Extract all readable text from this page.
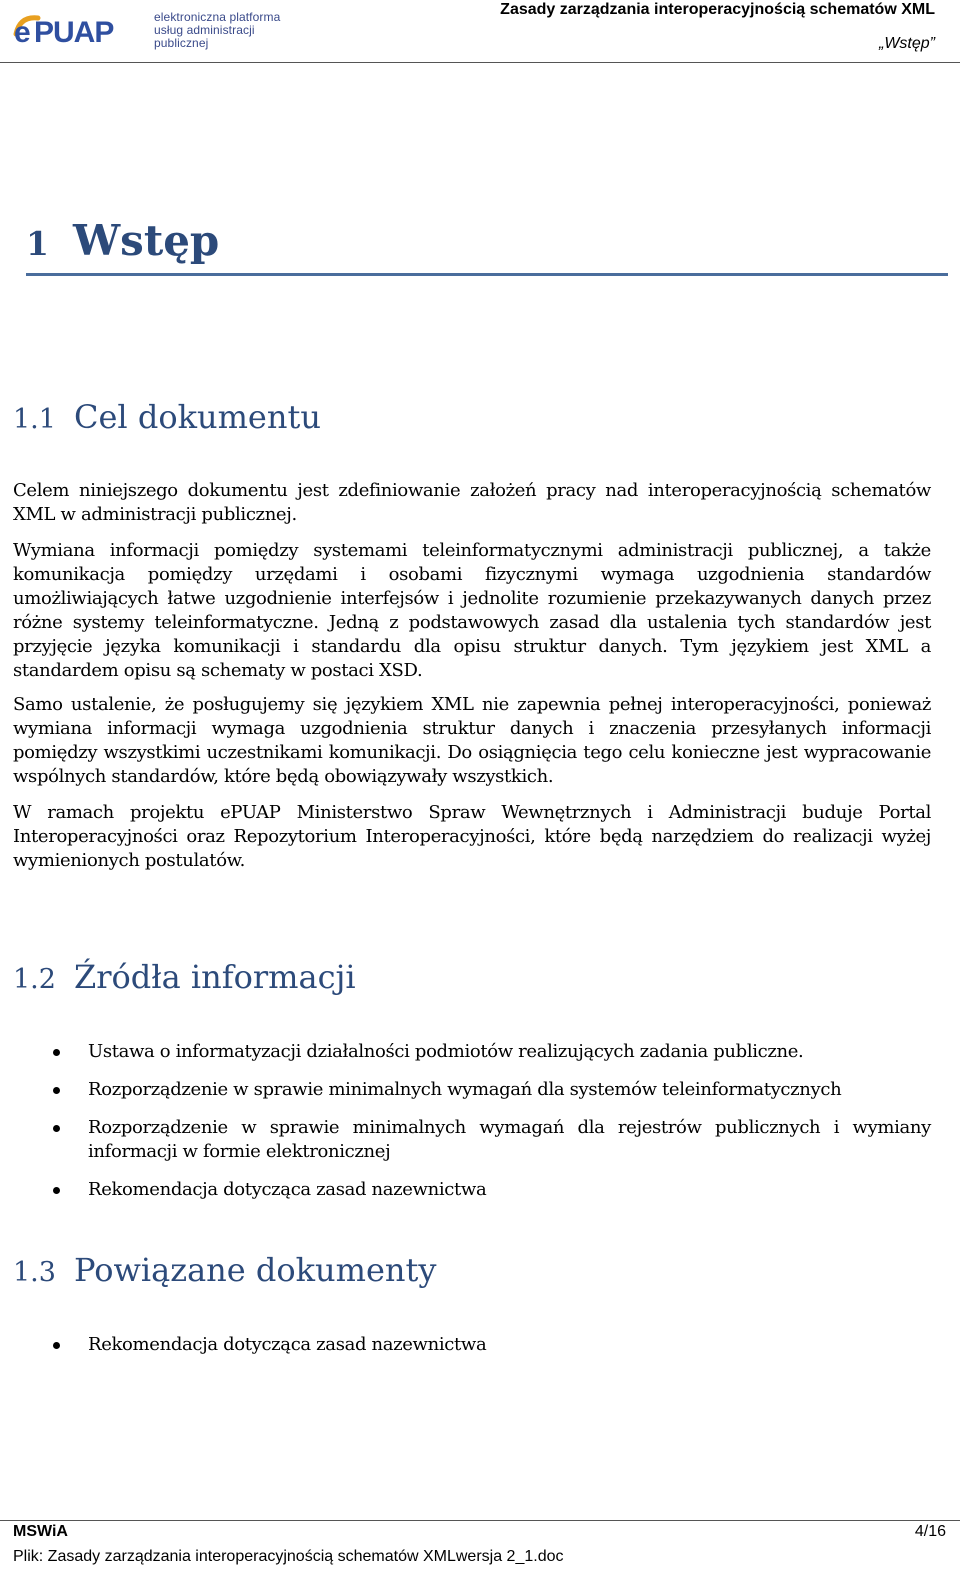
e PUAP	elektroniczna platforma
usług administracji publicznej
Zasady zarządzania interoperacyjnością schematów XML
„Wstęp”
1 Wstęp
1.1 Cel dokumentu
Celem niniejszego dokumentu jest zdefiniowanie założeń pracy nad interoperacyjnością schematów XML w administracji publicznej.
Wymiana informacji pomiędzy systemami teleinformatycznymi administracji publicznej, a także komunikacja pomiędzy urzędami i osobami fizycznymi wymaga uzgodnienia standardów umożliwiających łatwe uzgodnienie interfejsów i jednolite rozumienie przekazywanych danych przez różne systemy teleinformatyczne. Jedną z podstawowych zasad dla ustalenia tych standardów jest przyjęcie języka komunikacji i standardu dla opisu struktur danych. Tym językiem jest XML a standardem opisu są schematy w postaci XSD.
Samo ustalenie, że posługujemy się językiem XML nie zapewnia pełnej interoperacyjności, ponieważ wymiana informacji wymaga uzgodnienia struktur danych i znaczenia przesyłanych informacji pomiędzy wszystkimi uczestnikami komunikacji. Do osiągnięcia tego celu konieczne jest wypracowanie wspólnych standardów, które będą obowiązywały wszystkich.
W ramach projektu ePUAP Ministerstwo Spraw Wewnętrznych i Administracji buduje Portal Interoperacyjności oraz Repozytorium Interoperacyjności, które będą narzędziem do realizacji wyżej wymienionych postulatów.
1.2 Źródła informacji
Ustawa o informatyzacji działalności podmiotów realizujących zadania publiczne.
Rozporządzenie w sprawie minimalnych wymagań dla systemów teleinformatycznych
Rozporządzenie w sprawie minimalnych wymagań dla rejestrów publicznych i wymiany informacji w formie elektronicznej
Rekomendacja dotycząca zasad nazewnictwa
1.3 Powiązane dokumenty
Rekomendacja dotycząca zasad nazewnictwa
MSWiA	4/16
Plik: Zasady zarządzania interoperacyjnością schematów XMLwersja 2_1.doc
